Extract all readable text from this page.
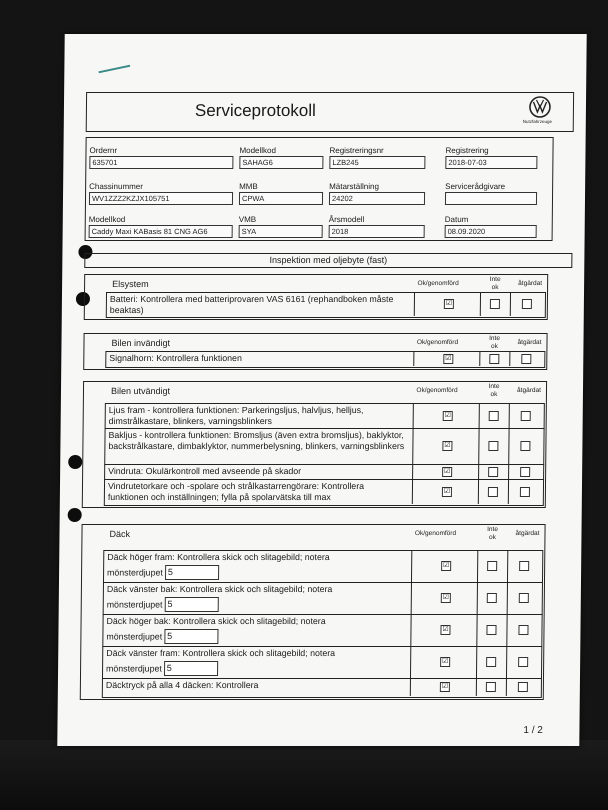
Serviceprotokoll
Nutzfahrzeuge
Inspektion med oljebyte (fast)
1 / 2
Ordernr
635701
Modellkod
SAHAG6
Registreringsnr
LZB245
Registrering
2018-07-03
Chassinummer
WV1ZZZ2KZJX105751
MMB
CPWA
Mätarställning
24202
Servicerådgivare
Modellkod
Caddy Maxi KABasis 81 CNG AG6
VMB
SYA
Årsmodell
2018
Datum
08.09.2020
Elsystem	Ok/genomförd
Inte
ok
åtgärdat
Batteri: Kontrollera med batteriprovaren VAS 6161 (rephandboken måste beaktas)
☑
Bilen invändigt	Ok/genomförd
Inte
ok
åtgärdat
Signalhorn: Kontrollera funktionen	☑
Bilen utvändigt	Ok/genomförd
Inte
ok
åtgärdat
Ljus fram - kontrollera funktionen: Parkeringsljus, halvljus, helljus, dimstrålkastare, blinkers, varningsblinkers	☑
Bakljus - kontrollera funktionen: Bromsljus (även extra bromsljus), baklyktor, backstrålkastare, dimbaklyktor, nummerbelysning, blinkers, varningsblinkers	☑
Vindruta: Okulärkontroll med avseende på skador	☑
Vindrutetorkare och -spolare och strålkastarrengörare: Kontrollera funktionen och inställningen; fylla på spolarvätska till max	☑
Däck	Ok/genomförd
Inte
ok
åtgärdat
Däck höger fram: Kontrollera skick och slitagebild; notera
mönsterdjupet 5
☑
Däck vänster bak: Kontrollera skick och slitagebild; notera
mönsterdjupet 5
☑
Däck höger bak: Kontrollera skick och slitagebild; notera
mönsterdjupet 5
☑
Däck vänster fram: Kontrollera skick och slitagebild; notera
mönsterdjupet 5
☑
Däcktryck på alla 4 däcken: Kontrollera	☑
